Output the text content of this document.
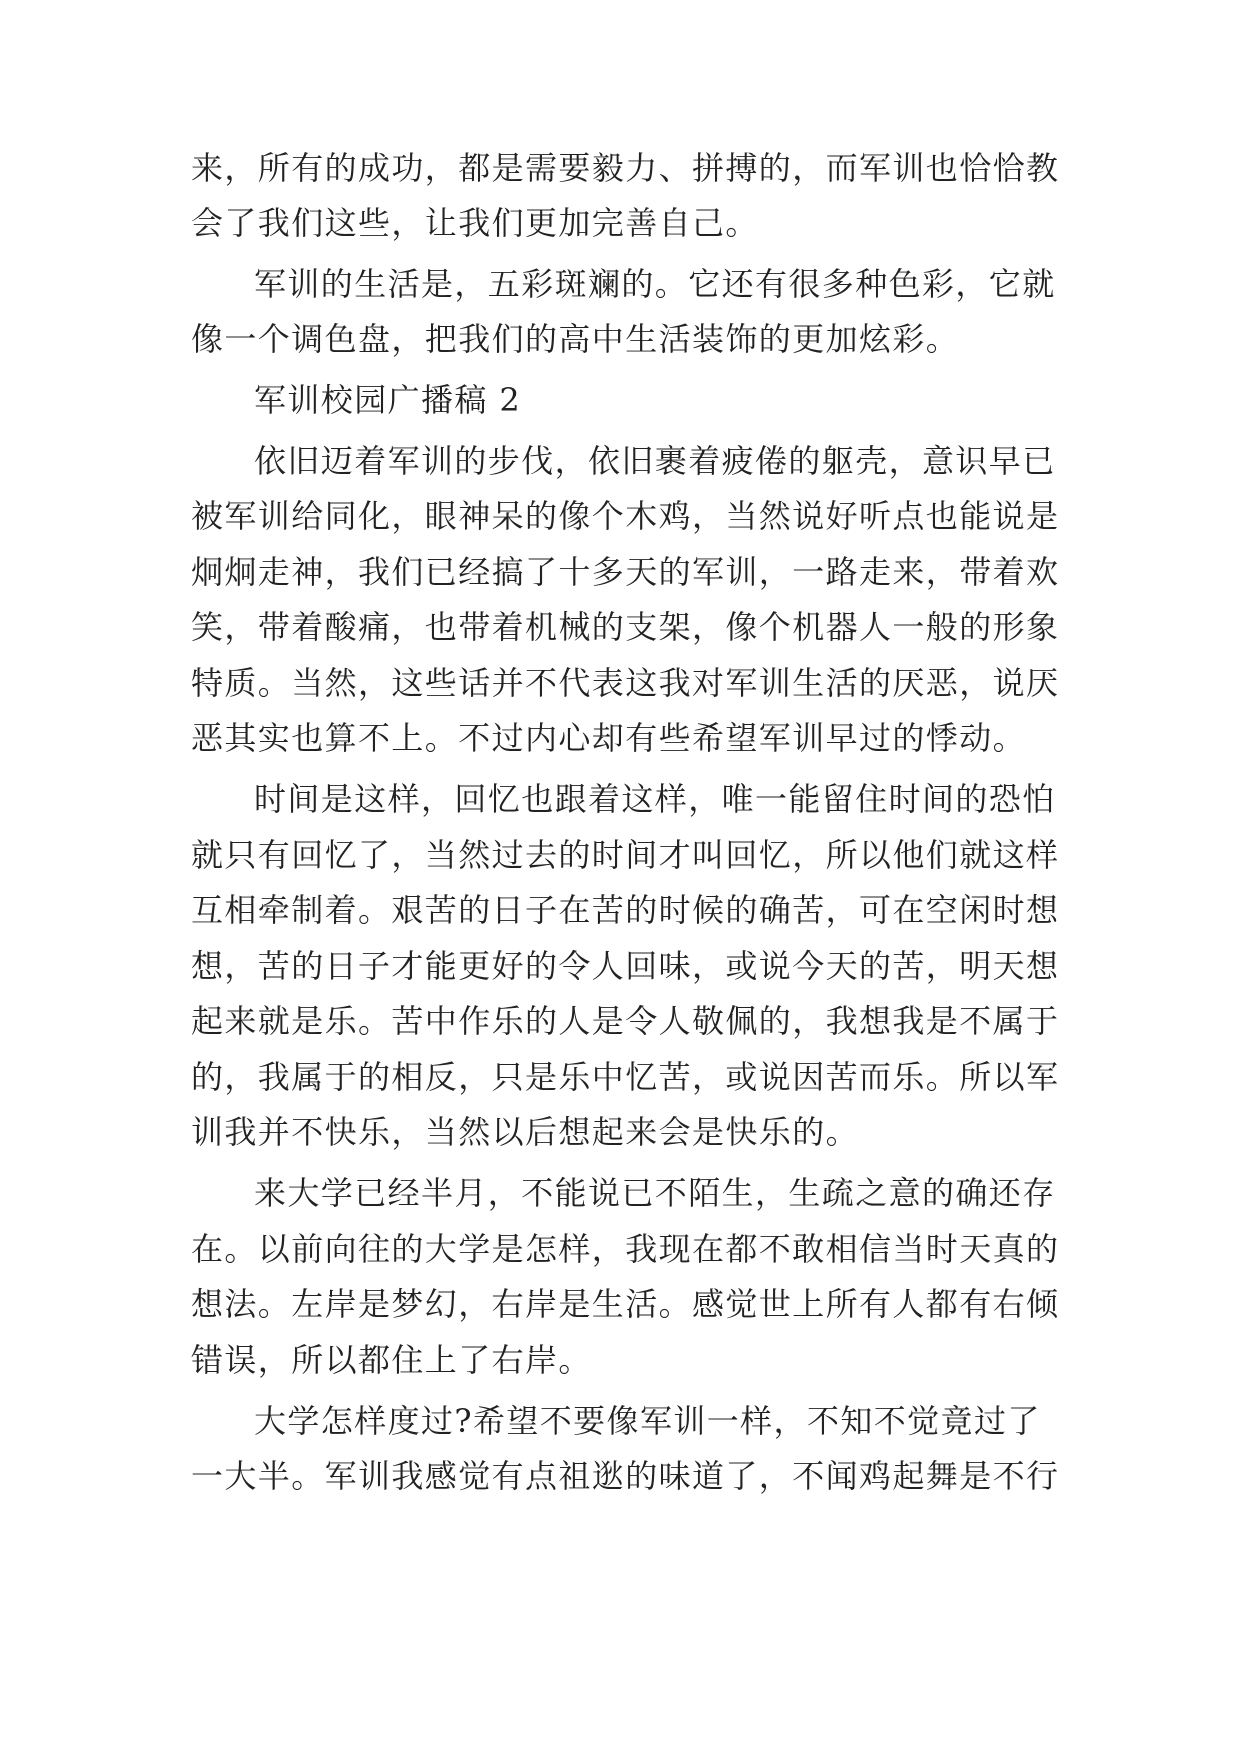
来，所有的成功，都是需要毅力、拼搏的，而军训也恰恰教
会了我们这些，让我们更加完善自己。
军训的生活是，五彩斑斓的。它还有很多种色彩，它就
像一个调色盘，把我们的高中生活装饰的更加炫彩。
军训校园广播稿 2
依旧迈着军训的步伐，依旧裹着疲倦的躯壳，意识早已
被军训给同化，眼神呆的像个木鸡，当然说好听点也能说是
炯炯走神，我们已经搞了十多天的军训，一路走来，带着欢
笑，带着酸痛，也带着机械的支架，像个机器人一般的形象
特质。当然，这些话并不代表这我对军训生活的厌恶，说厌
恶其实也算不上。不过内心却有些希望军训早过的悸动。
时间是这样，回忆也跟着这样，唯一能留住时间的恐怕
就只有回忆了，当然过去的时间才叫回忆，所以他们就这样
互相牵制着。艰苦的日子在苦的时候的确苦，可在空闲时想
想，苦的日子才能更好的令人回味，或说今天的苦，明天想
起来就是乐。苦中作乐的人是令人敬佩的，我想我是不属于
的，我属于的相反，只是乐中忆苦，或说因苦而乐。所以军
训我并不快乐，当然以后想起来会是快乐的。
来大学已经半月，不能说已不陌生，生疏之意的确还存
在。以前向往的大学是怎样，我现在都不敢相信当时天真的
想法。左岸是梦幻，右岸是生活。感觉世上所有人都有右倾
错误，所以都住上了右岸。
大学怎样度过?希望不要像军训一样，不知不觉竟过了
一大半。军训我感觉有点祖逖的味道了，不闻鸡起舞是不行
